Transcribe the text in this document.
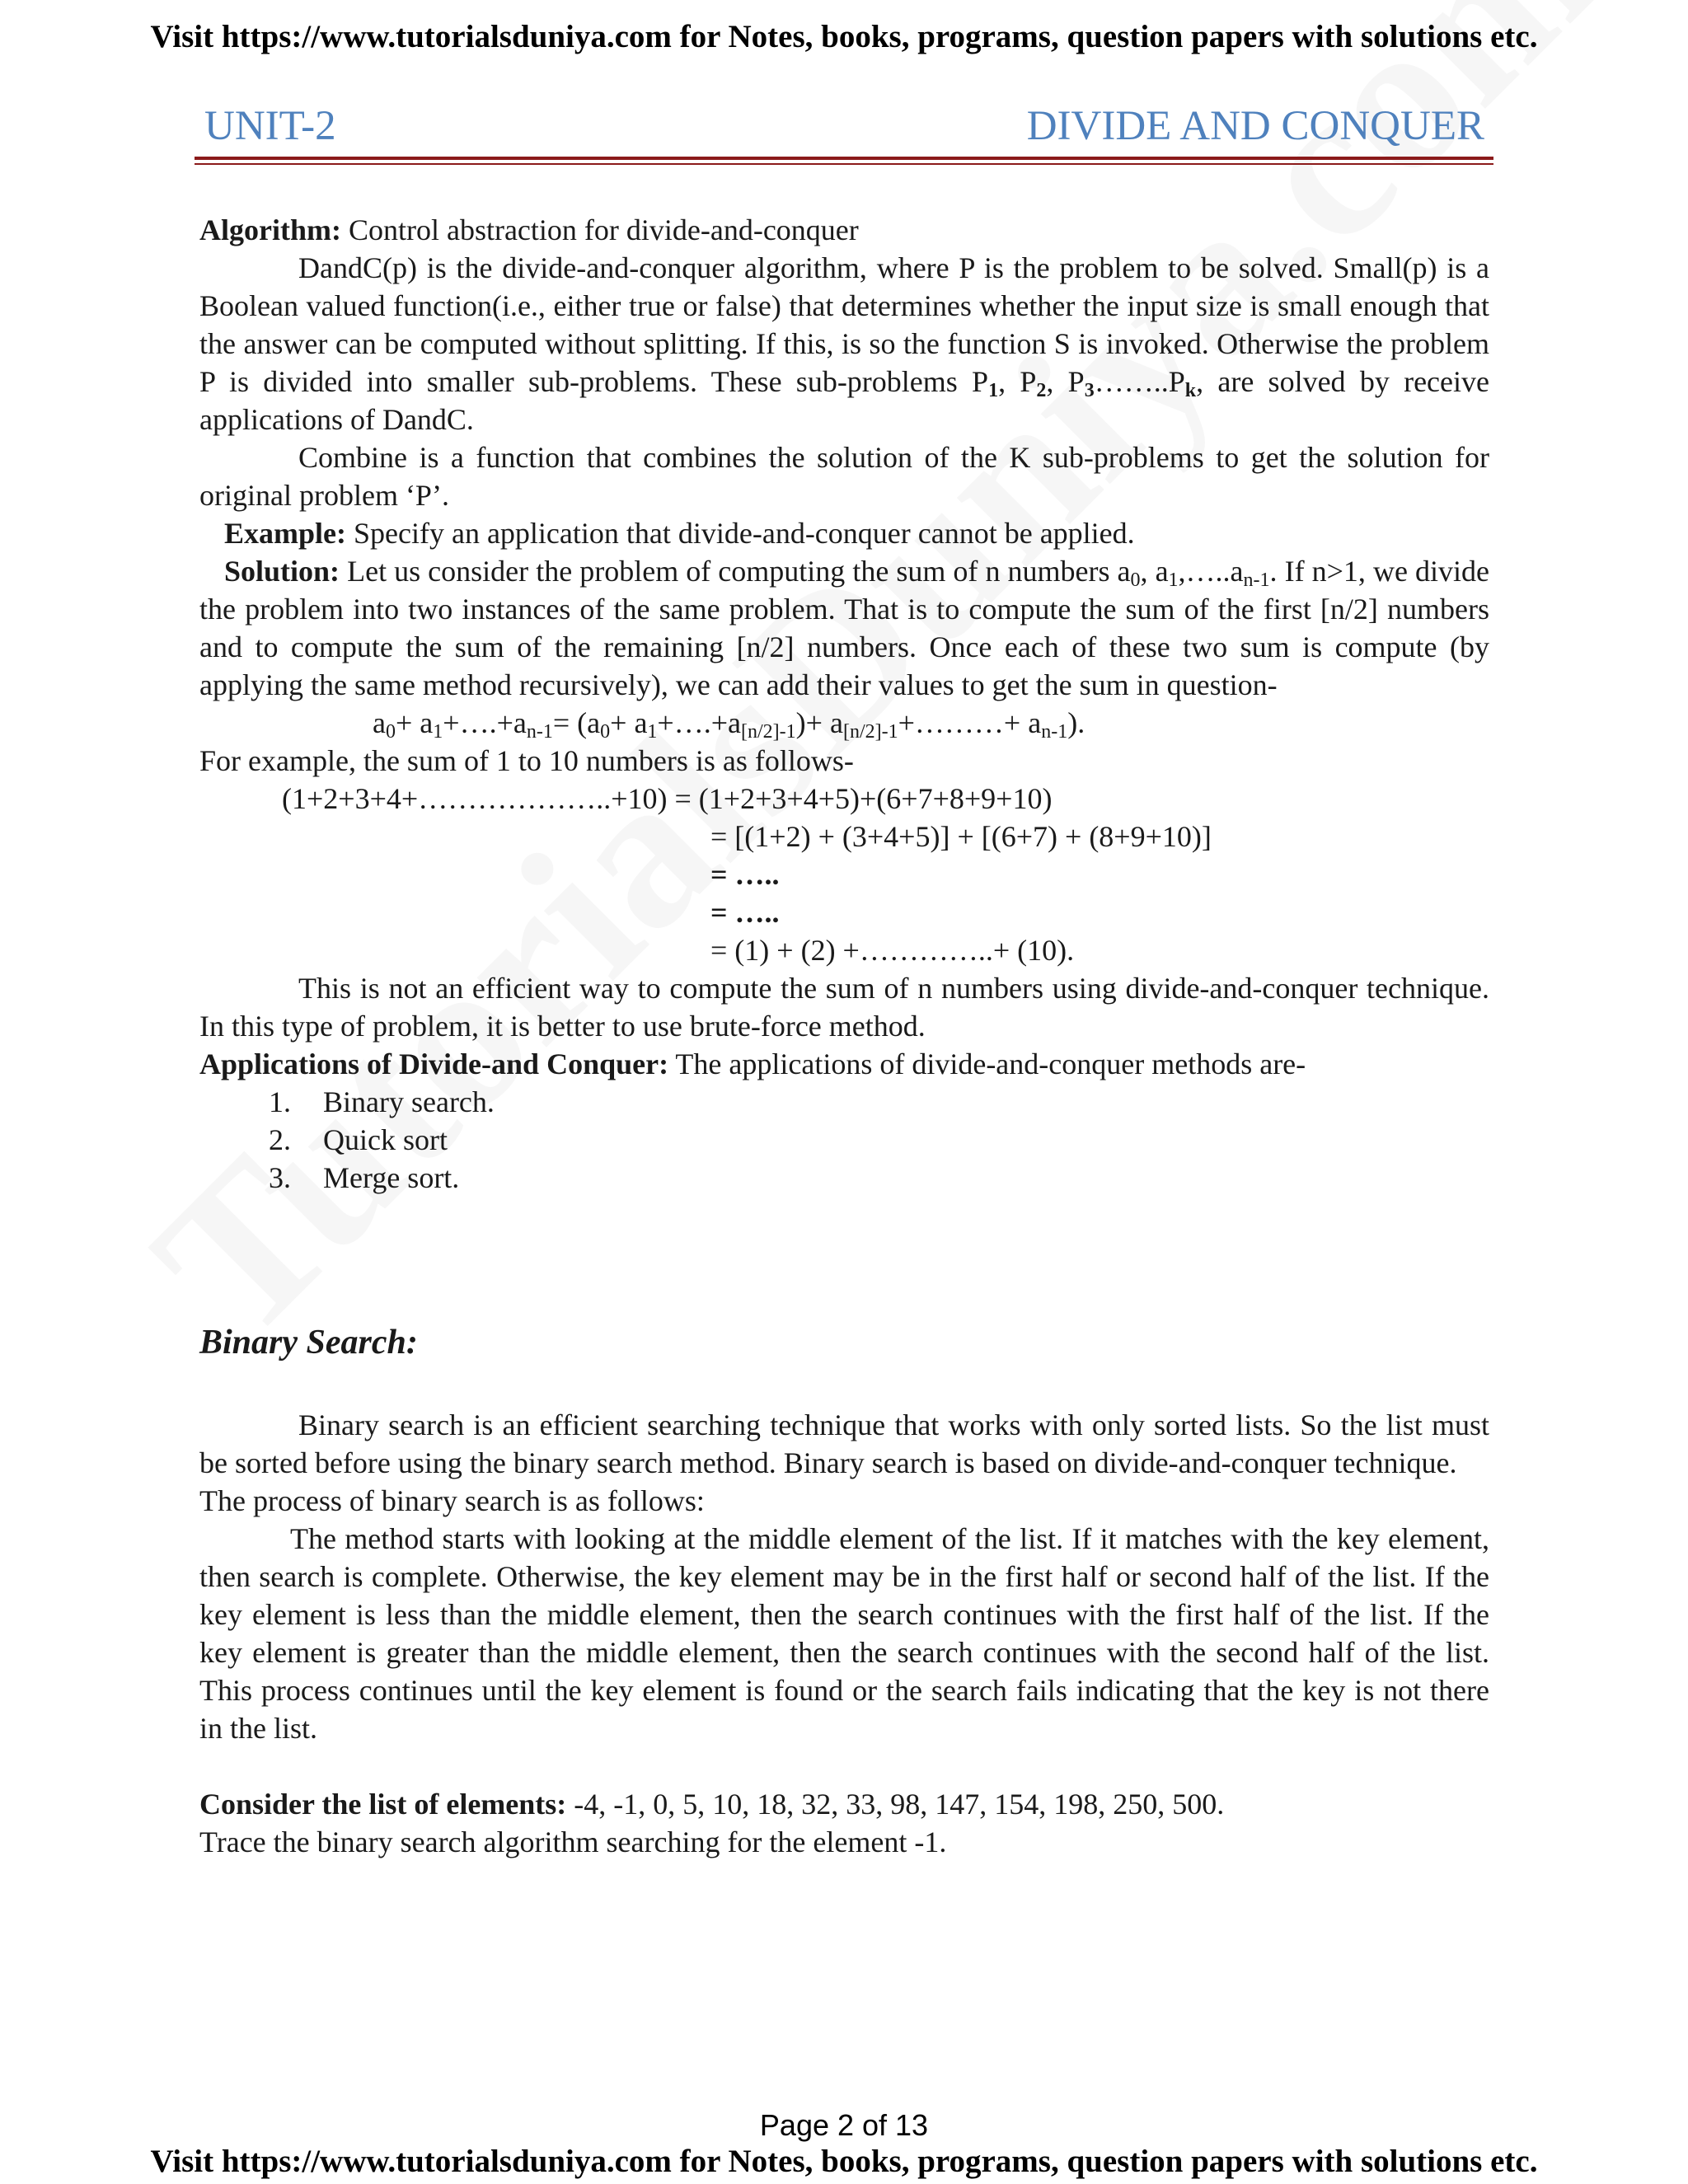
Visit https://www.tutorialsduniya.com for Notes, books, programs, question papers with solutions etc.
UNIT-2	DIVIDE AND CONQUER

Algorithm: Control abstraction for divide-and-conquer

DandC(p) is the divide-and-conquer algorithm, where P is the problem to be solved. Small(p) is a Boolean valued function(i.e., either true or false) that determines whether the input size is small enough that the answer can be computed without splitting. If this, is so the function S is invoked. Otherwise the problem P is divided into smaller sub-problems. These sub-problems $P_1$, $P_2$, $P_3\dots\dots..P_k$, are solved by receive applications of DandC.

Combine is a function that combines the solution of the K sub-problems to get the solution for original problem ‘P’.

Example: Specify an application that divide-and-conquer cannot be applied.

Solution: Let us consider the problem of computing the sum of n numbers $a_0$, $a_1,\dots..a_{n-1}$. If n>1, we divide the problem into two instances of the same problem. That is to compute the sum of the first [n/2] numbers and to compute the sum of the remaining [n/2] numbers. Once each of these two sum is compute (by applying the same method recursively), we can add their values to get the sum in question-

$a_0+$ $a_1+\dots.+a_{n-1}= (a_0+$ $a_1+\dots.+a_{[n/2]-1})+$ $a_{[n/2]-1}+\dots\dots\dots+ a_{n-1}$).

For example, the sum of 1 to 10 numbers is as follows-

(1+2+3+4+………………..+10) = (1+2+3+4+5)+(6+7+8+9+10)

= [(1+2) + (3+4+5)] + [(6+7) + (8+9+10)]

= …..

= …..

= (1) + (2) +…………..+ (10).

This is not an efficient way to compute the sum of n numbers using divide-and-conquer technique. In this type of problem, it is better to use brute-force method.

Applications of Divide-and Conquer: The applications of divide-and-conquer methods are-

1. Binary search.
2. Quick sort
3. Merge sort.

Binary Search:

Binary search is an efficient searching technique that works with only sorted lists. So the list must be sorted before using the binary search method. Binary search is based on divide-and-conquer technique.

The process of binary search is as follows:

The method starts with looking at the middle element of the list. If it matches with the key element, then search is complete. Otherwise, the key element may be in the first half or second half of the list. If the key element is less than the middle element, then the search continues with the first half of the list. If the key element is greater than the middle element, then the search continues with the second half of the list. This process continues until the key element is found or the search fails indicating that the key is not there in the list.

Consider the list of elements: -4, -1, 0, 5, 10, 18, 32, 33, 98, 147, 154, 198, 250, 500.

Trace the binary search algorithm searching for the element -1.

Page 2 of 13
Visit https://www.tutorialsduniya.com for Notes, books, programs, question papers with solutions etc.
